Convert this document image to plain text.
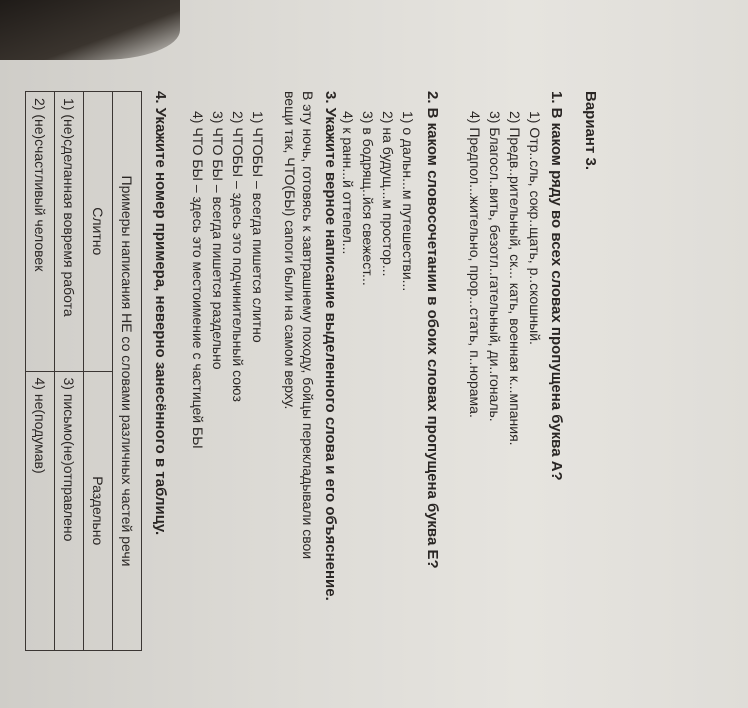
Вариант 3.
1. В каком ряду во всех словах пропущена буква А?
1) Отр..сль, сокр..щать, р..скошный.
2) Предв..рительный, ск... кать, военная к...мпания.
3) Благосл..вить, безотл..гательный, ди..гональ.
4) Предпол...жительно, прор...стать, п..норама.
2. В каком словосочетании в обоих словах пропущена буква Е?
1) о дальн...м путешестви...
2) на будущ...м простор...
3) в бодрящ..йся свежест...
4) к ранн...й оттепел...
3. Укажите верное написание выделенного слова и его объяснение.
В эту ночь, готовясь к завтрашнему походу, бойцы перекладывали свои
вещи так, ЧТО(БЫ) сапоги были на самом верху.
1) ЧТОБЫ – всегда пишется слитно
2) ЧТОБЫ – здесь это подчинительный союз
3) ЧТО БЫ – всегда пишется раздельно
4) ЧТО БЫ – здесь это местоимение с частицей БЫ
4. Укажите номер примера, неверно занесённого в таблицу.
Примеры написания НЕ со словами различных частей речи	
Слитно	Раздельно
1) (не)сделанная вовремя работа	3) письмо(не)отправлено
2) (не)счастливый человек	4) не(подумав)
